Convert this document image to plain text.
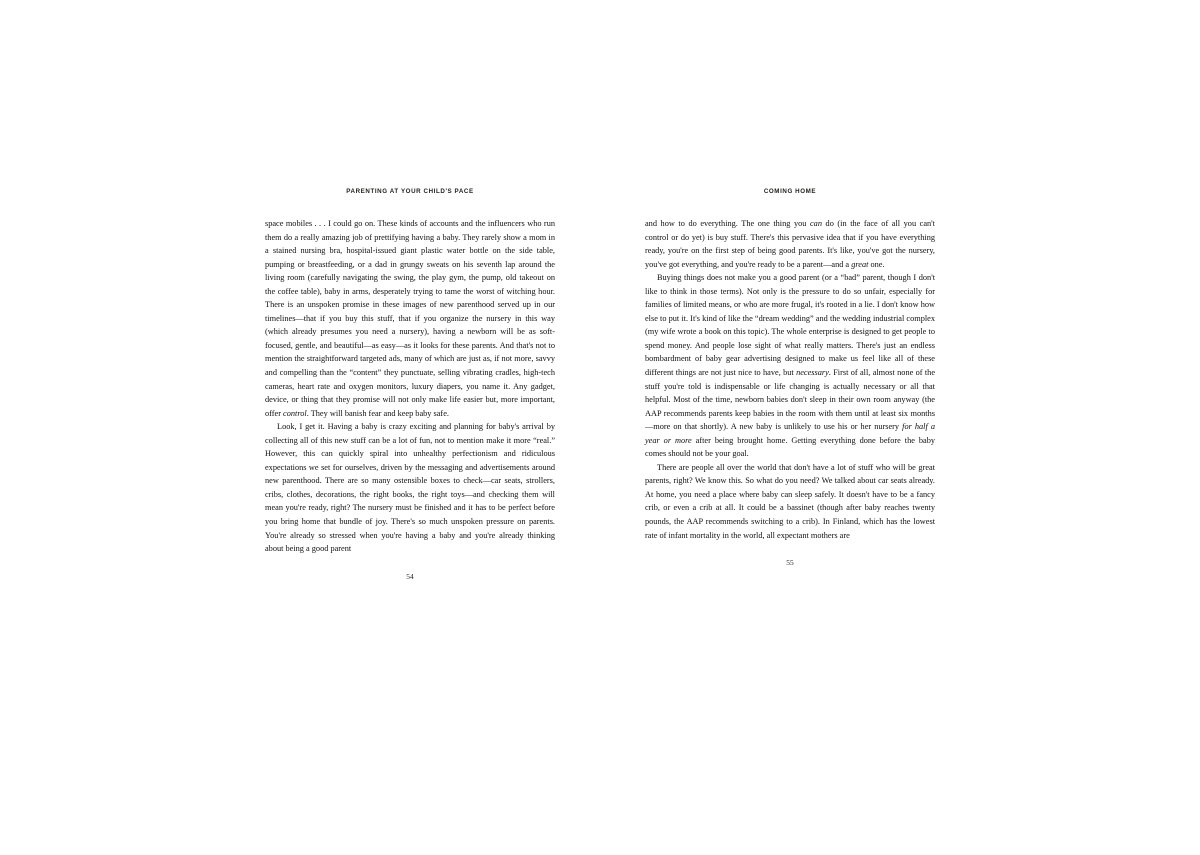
PARENTING AT YOUR CHILD'S PACE

space mobiles . . . I could go on. These kinds of accounts and the influencers who run them do a really amazing job of prettifying having a baby. They rarely show a mom in a stained nursing bra, hospital-issued giant plastic water bottle on the side table, pumping or breastfeeding, or a dad in grungy sweats on his seventh lap around the living room (carefully navigating the swing, the play gym, the pump, old takeout on the coffee table), baby in arms, desperately trying to tame the worst of witching hour. There is an unspoken promise in these images of new parenthood served up in our timelines—that if you buy this stuff, that if you organize the nursery in this way (which already presumes you need a nursery), having a newborn will be as soft-focused, gentle, and beautiful—as easy—as it looks for these parents. And that's not to mention the straightforward targeted ads, many of which are just as, if not more, savvy and compelling than the “content” they punctuate, selling vibrating cradles, high-tech cameras, heart rate and oxygen monitors, luxury diapers, you name it. Any gadget, device, or thing that they promise will not only make life easier but, more important, offer control. They will banish fear and keep baby safe.

Look, I get it. Having a baby is crazy exciting and planning for baby's arrival by collecting all of this new stuff can be a lot of fun, not to mention make it more “real.” However, this can quickly spiral into unhealthy perfectionism and ridiculous expectations we set for ourselves, driven by the messaging and advertisements around new parenthood. There are so many ostensible boxes to check—car seats, strollers, cribs, clothes, decorations, the right books, the right toys—and checking them will mean you're ready, right? The nursery must be finished and it has to be perfect before you bring home that bundle of joy. There's so much unspoken pressure on parents. You're already so stressed when you're having a baby and you're already thinking about being a good parent

54
COMING HOME

and how to do everything. The one thing you can do (in the face of all you can't control or do yet) is buy stuff. There's this pervasive idea that if you have everything ready, you're on the first step of being good parents. It's like, you've got the nursery, you've got everything, and you're ready to be a parent—and a great one.

Buying things does not make you a good parent (or a “bad” parent, though I don't like to think in those terms). Not only is the pressure to do so unfair, especially for families of limited means, or who are more frugal, it's rooted in a lie. I don't know how else to put it. It's kind of like the “dream wedding” and the wedding industrial complex (my wife wrote a book on this topic). The whole enterprise is designed to get people to spend money. And people lose sight of what really matters. There's just an endless bombardment of baby gear advertising designed to make us feel like all of these different things are not just nice to have, but necessary. First of all, almost none of the stuff you're told is indispensable or life changing is actually necessary or all that helpful. Most of the time, newborn babies don't sleep in their own room anyway (the AAP recommends parents keep babies in the room with them until at least six months—more on that shortly). A new baby is unlikely to use his or her nursery for half a year or more after being brought home. Getting everything done before the baby comes should not be your goal.

There are people all over the world that don't have a lot of stuff who will be great parents, right? We know this. So what do you need? We talked about car seats already. At home, you need a place where baby can sleep safely. It doesn't have to be a fancy crib, or even a crib at all. It could be a bassinet (though after baby reaches twenty pounds, the AAP recommends switching to a crib). In Finland, which has the lowest rate of infant mortality in the world, all expectant mothers are

55
